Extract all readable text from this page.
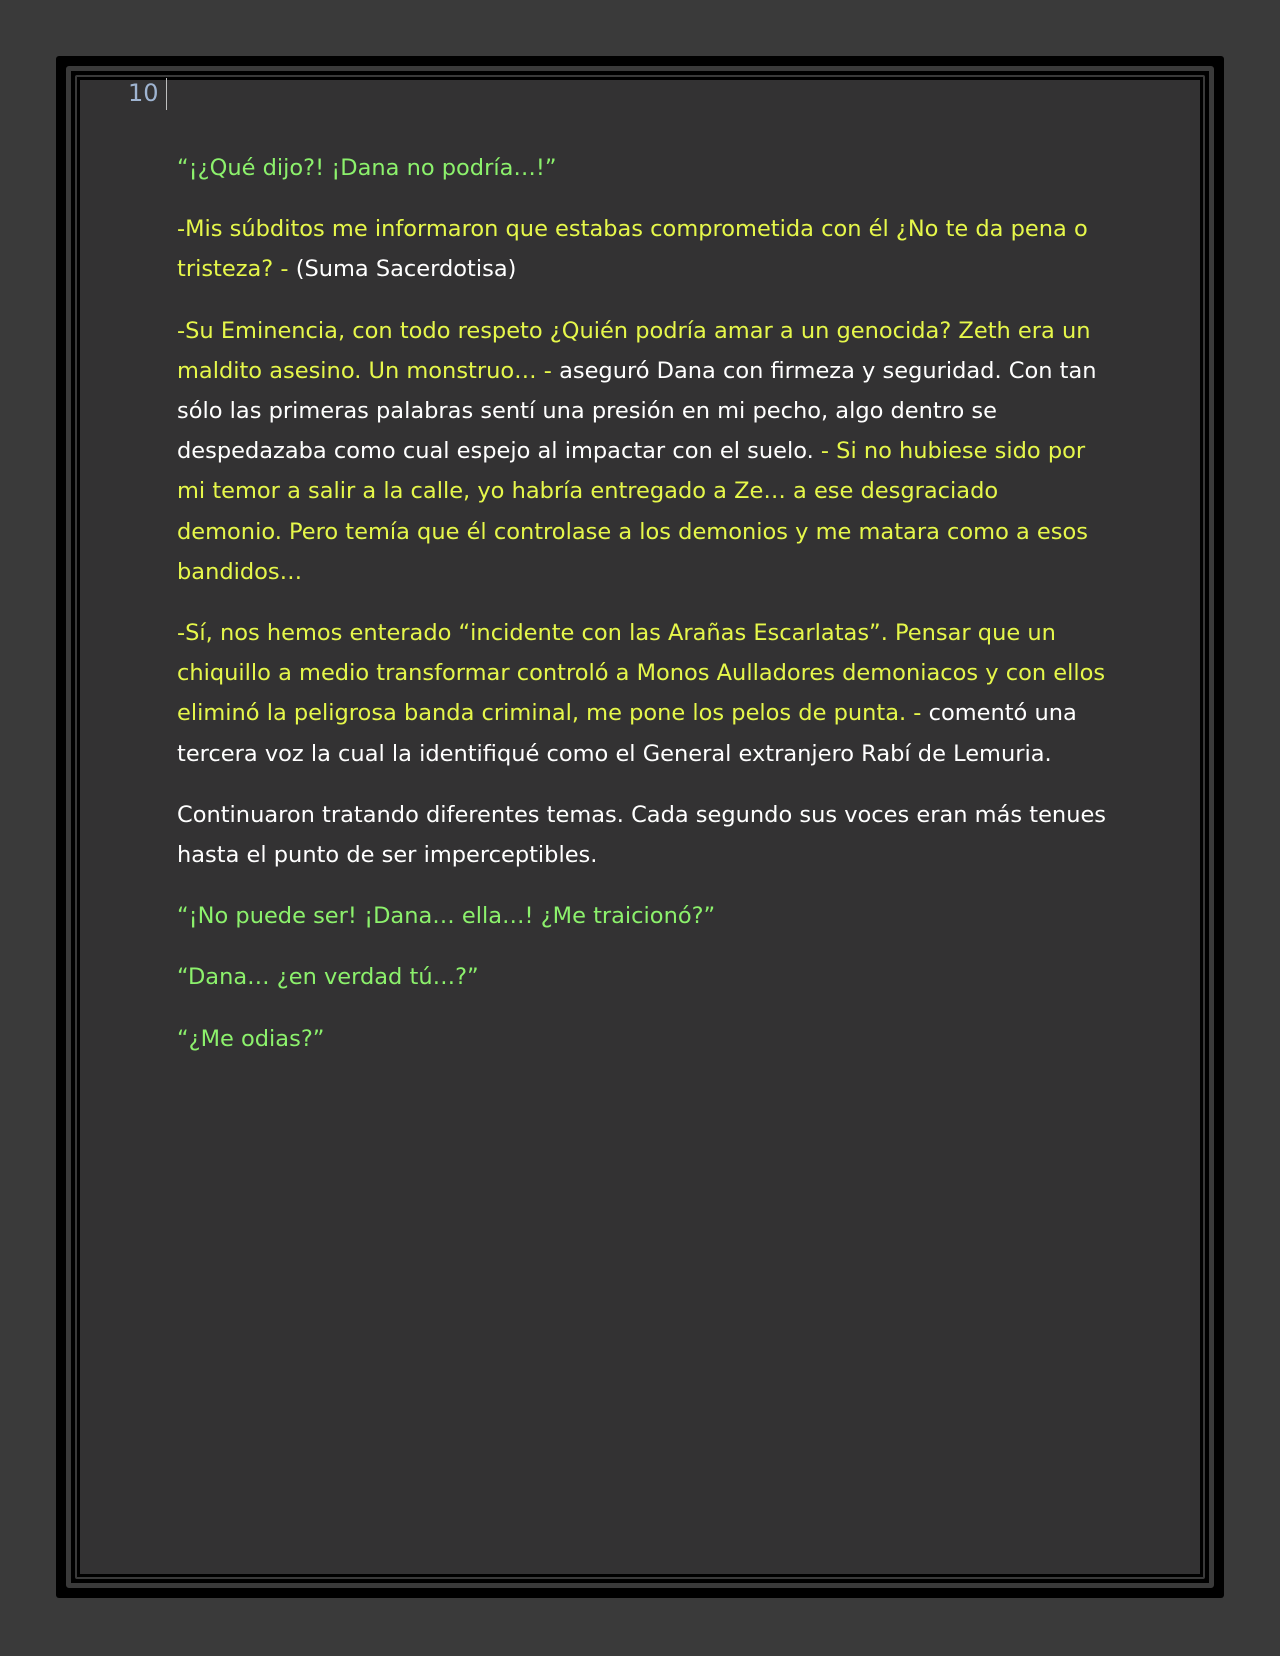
10

“¡¿Qué dijo?! ¡Dana no podría…!”

-Mis súbditos me informaron que estabas comprometida con él ¿No te da pena o tristeza? - (Suma Sacerdotisa)

-Su Eminencia, con todo respeto ¿Quién podría amar a un genocida? Zeth era un maldito asesino. Un monstruo… - aseguró Dana con firmeza y seguridad. Con tan sólo las primeras palabras sentí una presión en mi pecho, algo dentro se despedazaba como cual espejo al impactar con el suelo. - Si no hubiese sido por mi temor a salir a la calle, yo habría entregado a Ze… a ese desgraciado demonio. Pero temía que él controlase a los demonios y me matara como a esos bandidos…

-Sí, nos hemos enterado “incidente con las Arañas Escarlatas”. Pensar que un chiquillo a medio transformar controló a Monos Aulladores demoniacos y con ellos eliminó la peligrosa banda criminal, me pone los pelos de punta. - comentó una tercera voz la cual la identifiqué como el General extranjero Rabí de Lemuria.

Continuaron tratando diferentes temas. Cada segundo sus voces eran más tenues hasta el punto de ser imperceptibles.

“¡No puede ser! ¡Dana… ella…! ¿Me traicionó?”

“Dana… ¿en verdad tú…?”

“¿Me odias?”
